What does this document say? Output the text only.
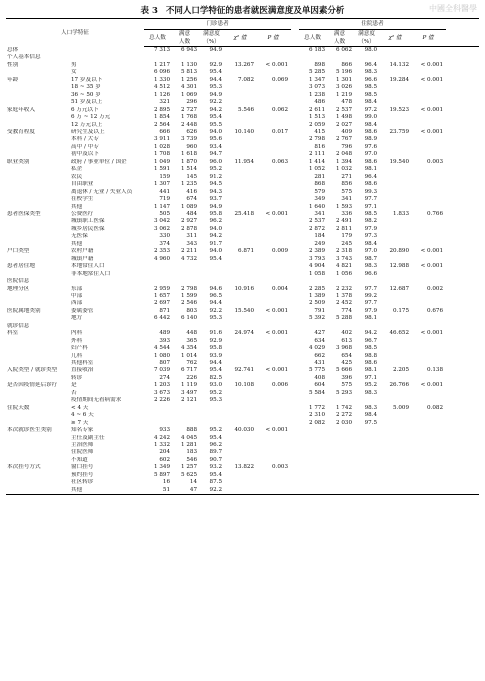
表 3 不同人口学特征的患者就医满意度及单因素分析	中國全科醫學
人口学特征		门诊患者						住院患者					
		总人数	满意
人数	满意度
（%）	χ² 值	P 值		总人数	满意
人数	满意度
（%）	χ² 值	P 值	
总体		7 313	6 943	94.9				6 183	6 062	98.0			
个人基本信息													
性别	男	1 217	1 130	92.9	13.267	< 0.001		898	866	96.4	14.132	< 0.001	
	女	6 096	5 813	95.4				5 285	5 196	98.3			
年龄	17 岁及以下	1 330	1 256	94.4	7.082	0.069		1 347	1 301	96.6	19.284	< 0.001	
	18 ~ 35 岁	4 512	4 301	95.3				3 073	3 026	98.5			
	36 ~ 50 岁	1 126	1 069	94.9				1 238	1 219	98.5			
	51 岁及以上	321	296	92.2				486	478	98.4			
家庭年收入	6 万元以下	2 895	2 727	94.2	5.546	0.062		2 611	2 537	97.2	19.523	< 0.001	
	6 万 ~ 12 万元	1 854	1 768	95.4				1 513	1 498	99.0			
	12 万元以上	2 564	2 448	95.5				2 059	2 027	98.4			
受教育程度	研究生及以上	666	626	94.0	10.140	0.017		415	409	98.6	23.759	< 0.001	
	本科 / 大专	3 911	3 739	95.6				2 798	2 767	98.9			
	高中 / 中专	1 028	960	93.4				816	796	97.6			
	初中及以下	1 708	1 618	94.7				2 111	2 048	97.0			
职业类别	政府 / 事业单位 / 国企	1 049	1 870	96.0	11.954	0.063		1 414	1 394	98.6	19.540	0.003	
	私企	1 591	1 514	95.2				1 052	1 032	98.1			
	农民	159	145	91.2				281	271	96.4			
	自由职业	1 307	1 235	94.5				868	856	98.6			
	离退休 / 无业 / 失业人员	441	416	94.3				579	575	99.3			
	在校学生	719	674	93.7				349	341	97.7			
	其他	1 147	1 089	94.9				1 640	1 593	97.1			
患者医保类型	公费医疗	505	484	95.8	25.418	< 0.001		341	336	98.5	1.833	0.766	
	城镇职工医保	3 042	2 927	96.2				2 537	2 491	98.2			
	城乡居民医保	3 062	2 878	94.0				2 872	2 811	97.9			
	无医保	330	311	94.2				184	179	97.3			
	其他	374	343	91.7				249	245	98.4			
户口类型	农村户籍	2 353	2 211	94.0	6.871	0.009		2 389	2 318	97.0	20.890	< 0.001	
	城镇户籍	4 960	4 732	95.4				3 793	3 743	98.7			
患者居住地	本地常住人口							4 904	4 821	98.3	12.988	< 0.001	
	非本地常住人口							1 058	1 056	96.6			
医院信息													
地理分区	东部	2 959	2 798	94.6	10.916	0.004		2 285	2 232	97.7	12.687	0.002	
	中部	1 657	1 599	96.5				1 389	1 378	99.2			
	西部	2 697	2 546	94.4				2 509	2 452	97.7			
医院属地类别	委属委管	871	803	92.2	15.540	< 0.001		791	774	97.9	0.175	0.676	
	地方	6 442	6 140	95.3				5 392	5 288	98.1			
就诊信息													
科室	内科	489	448	91.6	24.974	< 0.001		427	402	94.2	46.652	< 0.001	
	外科	393	365	92.9				634	613	96.7			
	妇产科	4 544	4 354	95.8				4 029	3 968	98.5			
	儿科	1 080	1 014	93.9				662	654	98.8			
	其他科室	807	762	94.4				431	425	98.6			
入院类型 / 就诊类型	直接收治	7 039	6 717	95.4	92.741	< 0.001		5 775	5 666	98.1	2.205	0.138	
	转诊	274	226	82.5				408	396	97.1			
是否因疫情延后诊疗	是	1 203	1 119	93.0	10.108	0.006		604	575	95.2	26.766	< 0.001	
	否	3 673	3 497	95.2				5 584	5 293	98.3			
	疫情期间无看病需求	2 226	2 121	95.3									
住院天数	< 4 天							1 772	1 742	98.3	5.009	0.082	
	4 ~ 6 天							2 310	2 272	98.4			
	≥ 7 天							2 082	2 030	97.5			
本次就诊医生类别	知名专家	933	888	95.2	40.030	< 0.001							
	主任及副主任	4 242	4 045	95.4									
	主治医师	1 332	1 281	96.2									
	住院医师	204	183	89.7									
	不知道	602	546	90.7									
本次挂号方式	窗口挂号	1 349	1 257	93.2	13.822	0.003							
	预约挂号	5 897	5 625	95.4									
	社区转诊	16	14	87.5									
	其他	51	47	92.2									
